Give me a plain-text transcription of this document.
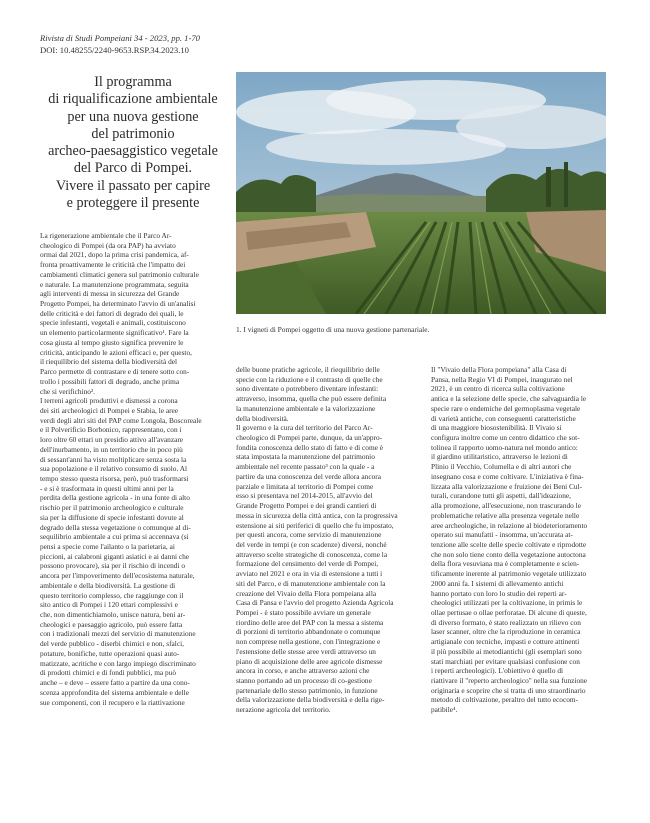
Rivista di Studi Pompeiani 34 - 2023, pp. 1-70
DOI: 10.48255/2240-9653.RSP.34.2023.10
Il programma
di riqualificazione ambientale
per una nuova gestione
del patrimonio
archeo-paesaggistico vegetale
del Parco di Pompei.
Vivere il passato per capire
e proteggere il presente
1. I vigneti di Pompei oggetto di una nuova gestione partenariale.
La rigenerazione ambientale che il Parco Ar-
cheologico di Pompei (da ora PAP) ha avviato
ormai dal 2021, dopo la prima crisi pandemica, af-
fronta proattivamente le criticità che l'impatto dei
cambiamenti climatici genera sul patrimonio culturale
e naturale. La manutenzione programmata, seguita
agli interventi di messa in sicurezza del Grande
Progetto Pompei, ha determinato l'avvio di un'analisi
delle criticità e dei fattori di degrado dei quali, le
specie infestanti, vegetali e animali, costituiscono
un elemento particolarmente significativo¹. Fare la
cosa giusta al tempo giusto significa prevenire le
criticità, anticipando le azioni efficaci e, per questo,
il riequilibrio del sistema della biodiversità del
Parco permette di contrastare e di tenere sotto con-
trollo i possibili fattori di degrado, anche prima
che si verifichino².
I terreni agricoli produttivi e dismessi a corona
dei siti archeologici di Pompei e Stabia, le aree
verdi degli altri siti del PAP come Longola, Boscoreale
e il Polverificio Borbonico, rappresentano, con i
loro oltre 60 ettari un presidio attivo all'avanzare
dell'inurbamento, in un territorio che in poco più
di sessant'anni ha visto moltiplicare senza sosta la
sua popolazione e il relativo consumo di suolo. Al
tempo stesso questa risorsa, però, può trasformarsi
- e si è trasformata in questi ultimi anni per la
perdita della gestione agricola - in una fonte di alto
rischio per il patrimonio archeologico e culturale
sia per la diffusione di specie infestanti dovute al
degrado della stessa vegetazione o comunque al di-
sequilibrio ambientale a cui prima si accennava (si
pensi a specie come l'ailanto o la parietaria, ai
piccioni, ai calabroni giganti asiatici e ai danni che
possono provocare), sia per il rischio di incendi o
ancora per l'impoverimento dell'ecosistema naturale,
ambientale e della biodiversità. La gestione di
questo territorio complesso, che raggiunge con il
sito antico di Pompei i 120 ettari complessivi e
che, non dimentichiamolo, unisce natura, beni ar-
cheologici e paesaggio agricolo, può essere fatta
con i tradizionali mezzi del servizio di manutenzione
del verde pubblico - diserbi chimici e non, sfalci,
potature, bonifiche, tutte operazioni quasi auto-
matizzate, acritiche e con largo impiego discriminato
di prodotti chimici e di fondi pubblici, ma può
anche – e deve – essere fatto a partire da una cono-
scenza approfondita del sistema ambientale e delle
sue componenti, con il recupero e la riattivazione
delle buone pratiche agricole, il riequilibrio delle
specie con la riduzione e il contrasto di quelle che
sono diventate o potrebbero diventare infestanti:
attraverso, insomma, quella che può essere definita
la manutenzione ambientale e la valorizzazione
della biodiversità.
Il governo e la cura del territorio del Parco Ar-
cheologico di Pompei parte, dunque, da un'appro-
fondita conoscenza dello stato di fatto e di come è
stata impostata la manutenzione del patrimonio
ambientale nel recente passato³ con la quale - a
partire da una conoscenza del verde allora ancora
parziale e limitata al territorio di Pompei come
esso si presentava nel 2014-2015, all'avvio del
Grande Progetto Pompei e dei grandi cantieri di
messa in sicurezza della città antica, con la progressiva
estensione ai siti periferici di quello che fu impostato,
per questi ancora, come servizio di manutenzione
del verde in tempi (e con scadenze) diversi, nonché
attraverso scelte strategiche di conoscenza, come la
formazione del censimento del verde di Pompei,
avviato nel 2021 e ora in via di estensione a tutti i
siti del Parco, e di manutenzione ambientale con la
creazione del Vivaio della Flora pompeiana alla
Casa di Pansa e l'avvio del progetto Azienda Agricola
Pompei - è stato possibile avviare un generale
riordino delle aree del PAP con la messa a sistema
di porzioni di territorio abbandonate o comunque
non comprese nella gestione, con l'integrazione e
l'estensione delle stesse aree verdi attraverso un
piano di acquisizione delle aree agricole dismesse
ancora in corso, e anche attraverso azioni che
stanno portando ad un processo di co-gestione
partenariale dello stesso patrimonio, in funzione
della valorizzazione della biodiversità e della rige-
nerazione agricola del territorio.
Il "Vivaio della Flora pompeiana" alla Casa di
Pansa, nella Regio VI di Pompei, inaugurato nel
2021, è un centro di ricerca sulla coltivazione
antica e la selezione delle specie, che salvaguardia le
specie rare o endemiche del germoplasma vegetale
di varietà antiche, con conseguenti caratteristiche
di una maggiore biosostenibilità. Il Vivaio si
configura inoltre come un centro didattico che sot-
tolinea il rapporto uomo-natura nel mondo antico:
il giardino utilitaristico, attraverso le lezioni di
Plinio il Vecchio, Columella e di altri autori che
insegnano cosa e come coltivare. L'iniziativa è fina-
lizzata alla valorizzazione e fruizione dei Beni Cul-
turali, curandone tutti gli aspetti, dall'ideazione,
alla promozione, all'esecuzione, non trascurando le
problematiche relative alla presenza vegetale nelle
aree archeologiche, in relazione al biodeterioramento
operato sui manufatti - insomma, un'accurata at-
tenzione alle scelte delle specie coltivate e riprodotte
che non solo tiene conto della vegetazione autoctona
della flora vesuviana ma è completamente e scien-
tificamente inerente al patrimonio vegetale utilizzato
2000 anni fa. I sistemi di allevamento antichi
hanno portato con loro lo studio dei reperti ar-
cheologici utilizzati per la coltivazione, in primis le
ollae pertusae o ollae perforatae. Di alcune di queste,
di diverso formato, è stato realizzato un rilievo con
laser scanner, oltre che la riproduzione in ceramica
artigianale con tecniche, impasti e cotture attinenti
il più possibile ai metodiantichi (gli esemplari sono
stati marchiati per evitare qualsiasi confusione con
i reperti archeologici). L'obiettivo è quello di
riattivare il "reperto archeologico" nella sua funzione
originaria e scoprire che si tratta di uno straordinario
metodo di coltivazione, peraltro del tutto ecocom-
patibile⁴.
